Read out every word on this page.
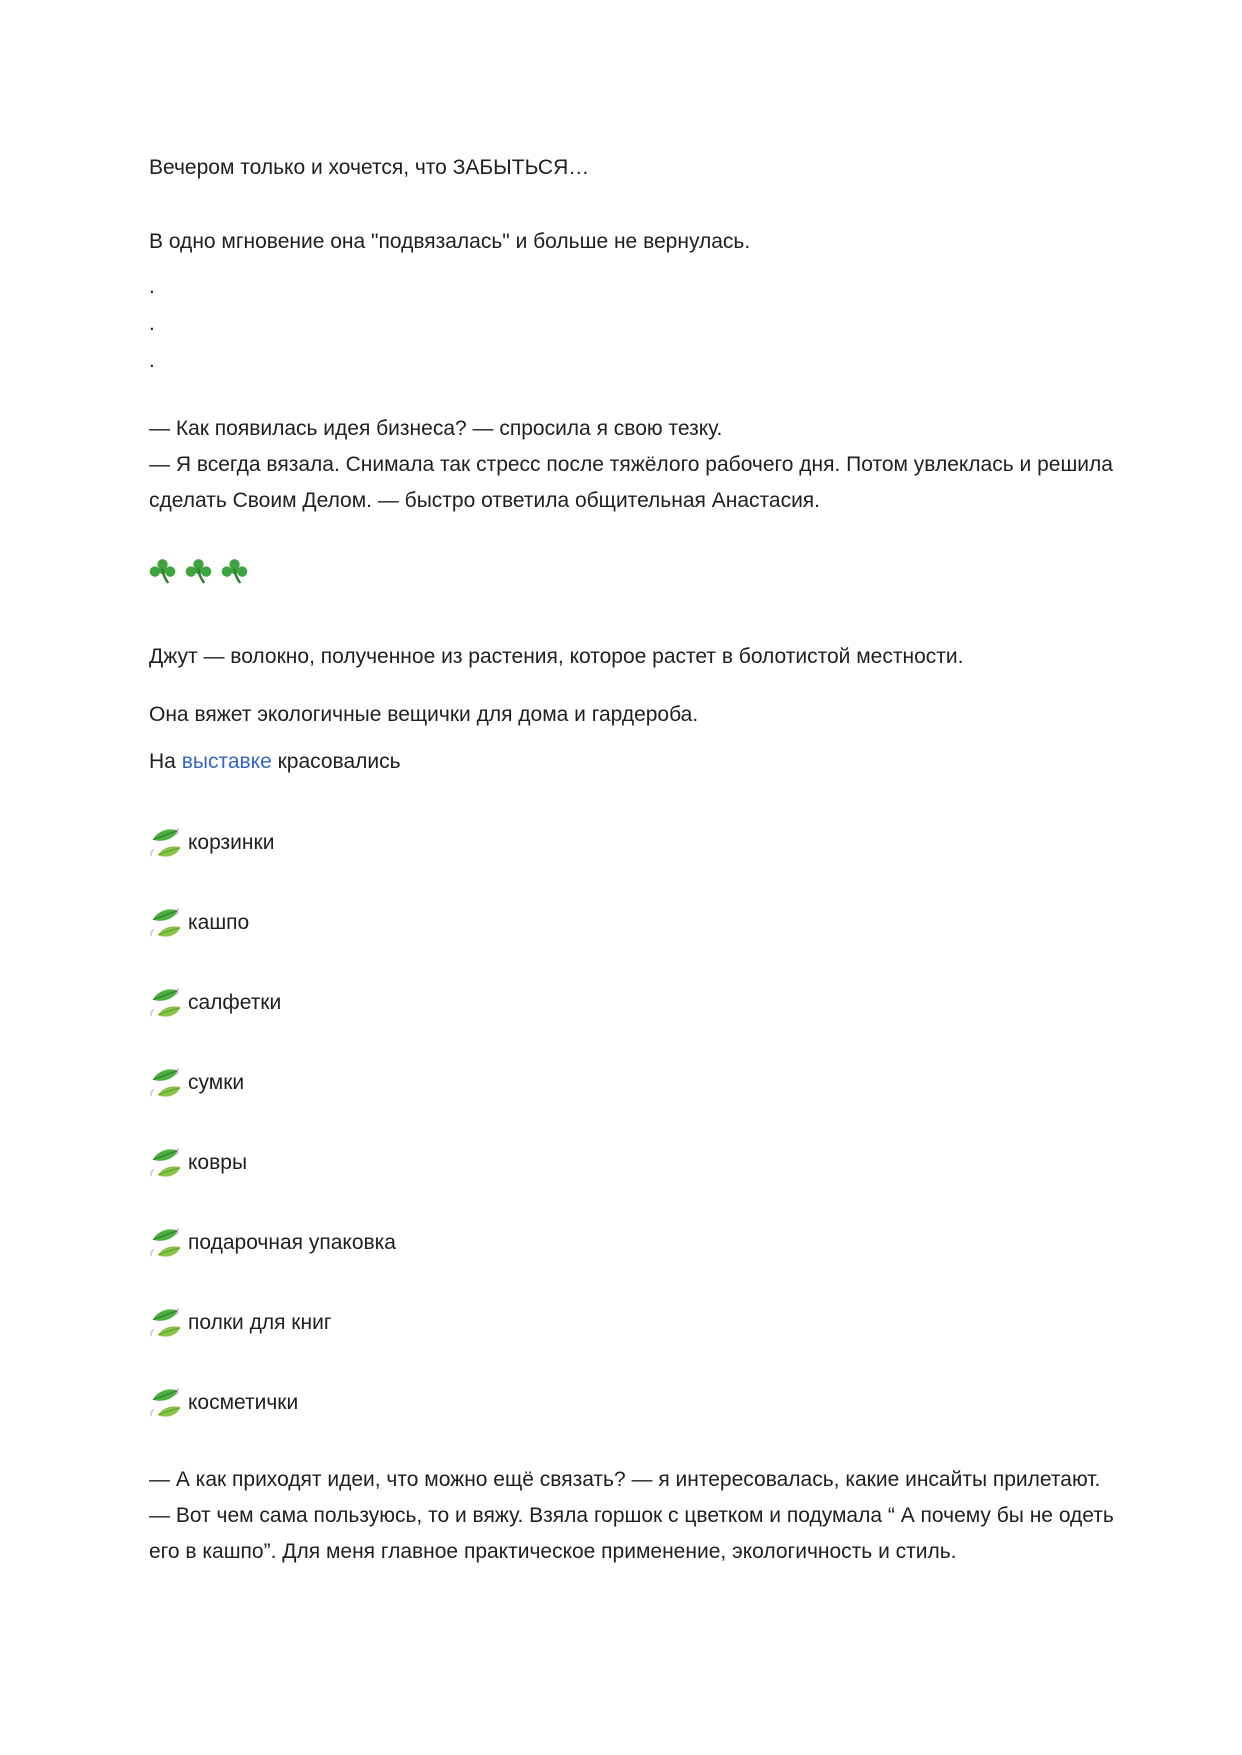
Вечером только и хочется, что ЗАБЫТЬСЯ…

В одно мгновение она "подвязалась" и больше не вернулась.

.

.

.

— Как появилась идея бизнеса? — спросила я свою тезку.

— Я всегда вязала. Снимала так стресс после тяжёлого рабочего дня. Потом увлеклась и решила сделать Своим Делом. — быстро ответила общительная Анастасия.

Джут — волокно, полученное из растения, которое растет в болотистой местности.

Она вяжет экологичные вещички для дома и гардероба.

На выставке красовались

корзинки
кашпо
салфетки
сумки
ковры
подарочная упаковка
полки для книг
косметички

— А как приходят идеи, что можно ещё связать? — я интересовалась, какие инсайты прилетают.

— Вот чем сама пользуюсь, то и вяжу. Взяла горшок с цветком и подумала “ А почему бы не одеть его в кашпо”. Для меня главное практическое применение, экологичность и стиль.
